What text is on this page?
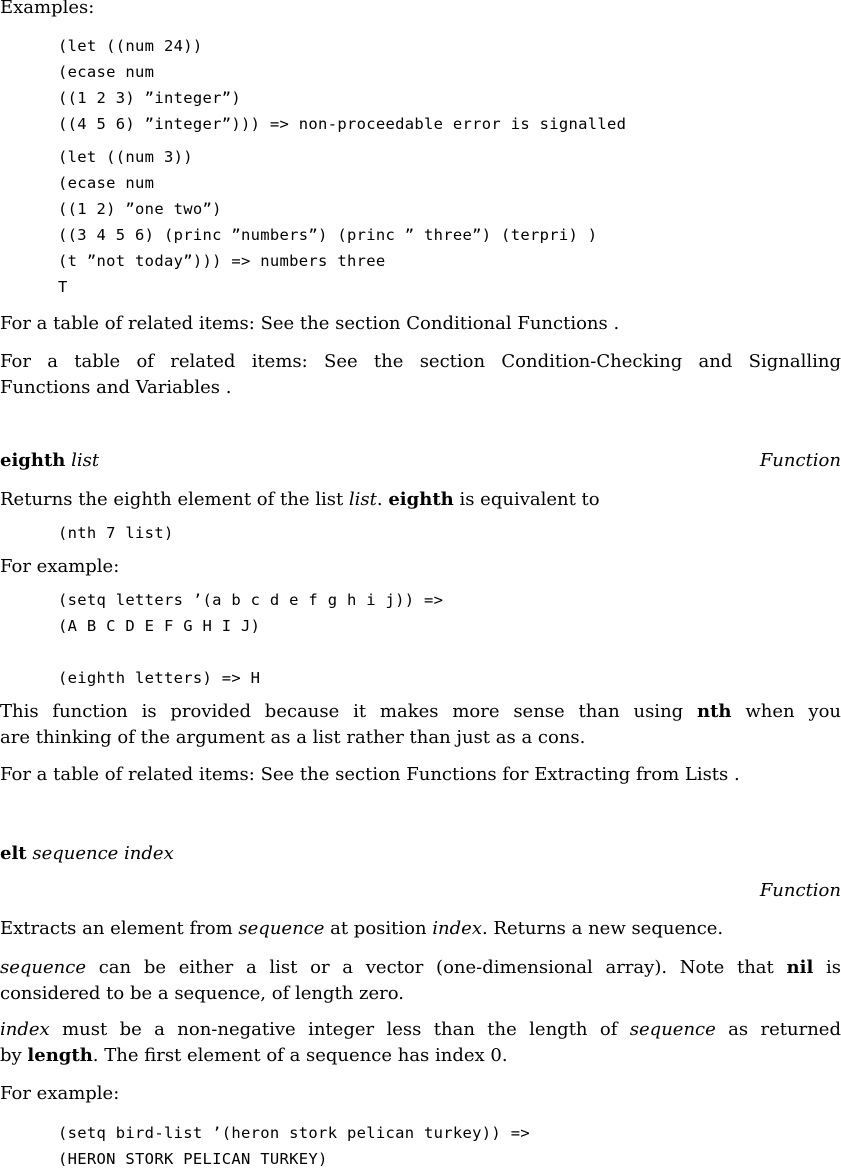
Examples:
(let ((num 24))
(ecase num
((1 2 3) ”integer”)
((4 5 6) ”integer”))) => non-proceedable error is signalled
(let ((num 3))
(ecase num
((1 2) ”one two”)
((3 4 5 6) (princ ”numbers”) (princ ” three”) (terpri) )
(t ”not today”))) => numbers three
T
For a table of related items: See the section Conditional Functions .
For a table of related items: See the section Condition-Checking and Signalling
Functions and Variables .
eighth list	Function
Returns the eighth element of the list list. eighth is equivalent to
(nth 7 list)
For example:
(setq letters ’(a b c d e f g h i j)) =>
(A B C D E F G H I J)
(eighth letters) => H
This function is provided because it makes more sense than using nth when you
are thinking of the argument as a list rather than just as a cons.
For a table of related items: See the section Functions for Extracting from Lists .
elt sequence index
Function
Extracts an element from sequence at position index. Returns a new sequence.
sequence can be either a list or a vector (one-dimensional array). Note that nil is
considered to be a sequence, of length zero.
index must be a non-negative integer less than the length of sequence as returned
by length. The first element of a sequence has index 0.
For example:
(setq bird-list ’(heron stork pelican turkey)) =>
(HERON STORK PELICAN TURKEY)
